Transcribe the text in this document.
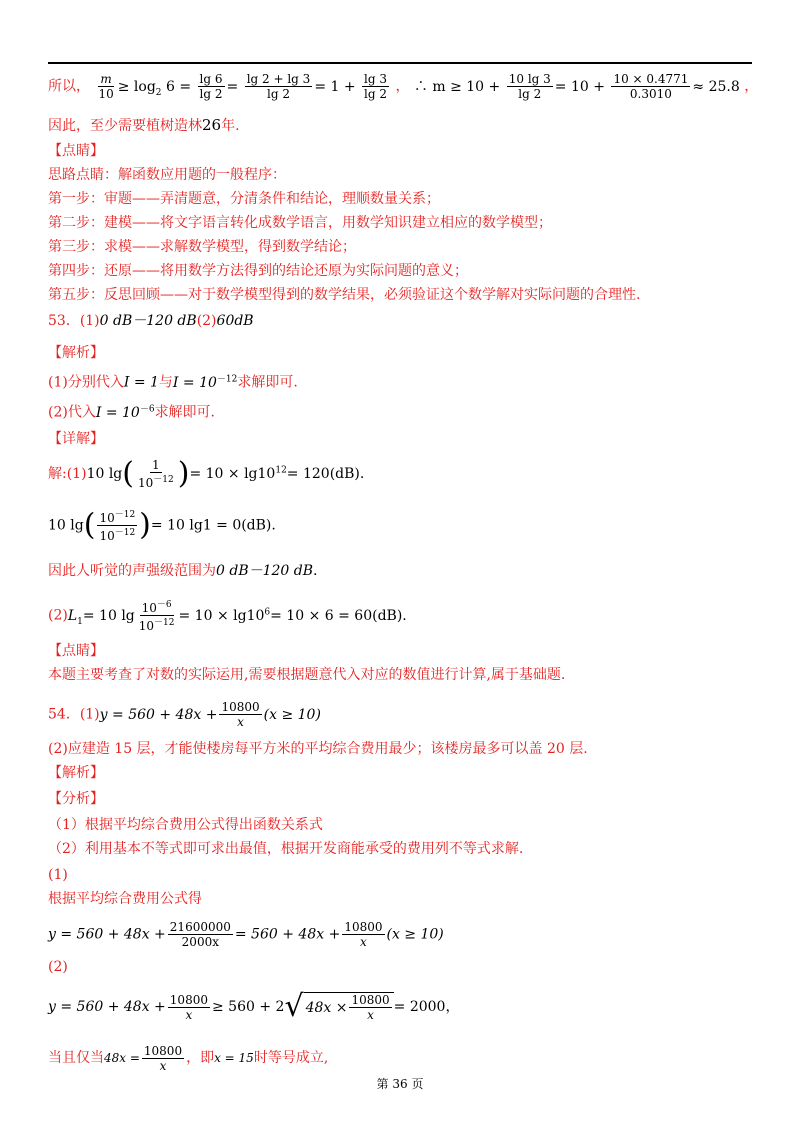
所以， $\frac{m}{10} \ge \log_2 6 = \frac{\lg 6}{\lg 2} = \frac{\lg 2 + \lg 3}{\lg 2} = 1 + \frac{\lg 3}{\lg 2}$ ， ∴ $m \ge 10 + \frac{10 \lg 3}{\lg 2} = 10 + \frac{10 \times 0.4771}{0.3010} \approx 25.8$ ，
因此，至少需要植树造林26年.
【点睛】
思路点睛：解函数应用题的一般程序：
第一步：审题——弄清题意，分清条件和结论，理顺数量关系；
第二步：建模——将文字语言转化成数学语言，用数学知识建立相应的数学模型；
第三步：求模——求解数学模型，得到数学结论；
第四步：还原——将用数学方法得到的结论还原为实际问题的意义；
第五步：反思回顾——对于数学模型得到的数学结果，必须验证这个数学解对实际问题的合理性.
53．(1)0 dB－120 dB(2)60dB
【解析】
(1)分别代入I = 1与$I = 10^{-12}$求解即可.
(2)代入$I = 10^{-6}$求解即可.
【详解】
解:(1)10 $\lg( \frac{1}{10^{-12}}$ )= $10 \times \lg 10^{12}= 120(dB)$.
10 $\lg( \frac{10^{-12}}{10^{-12}}$ )= 10 lg1 = 0(dB).
因此人听觉的声强级范围为0 dB－120 dB.
$(2)L_1= 10$ $\lg \frac{10^{-6}}{10^{-12}} = 10 \times \lg 10^6= 10 \times 6 = 60(dB)$.
【点睛】
本题主要考查了对数的实际运用,需要根据题意代入对应的数值进行计算,属于基础题.
54．$(1)y = 560 + 48x + \frac{10800}{x} (x \ge 10)$
(2)应建造 15 层，才能使楼房每平方米的平均综合费用最少；该楼房最多可以盖 20 层.
【解析】
【分析】
（1）根据平均综合费用公式得出函数关系式
（2）利用基本不等式即可求出最值，根据开发商能承受的费用列不等式求解.
(1)
根据平均综合费用公式得
$y = 560 + 48x + \frac{21600000}{2000x} = 560 + 48x + \frac{10800}{x} (x \ge 10)$
(2)
$y = 560 + 48x + \frac{10800}{x} \ge 560 + 2$ √ $48x \times \frac{10800}{x} = 2000$，
当且仅当$48x = \frac{10800}{x}$ ，即x = 15时等号成立,
第 36 页
